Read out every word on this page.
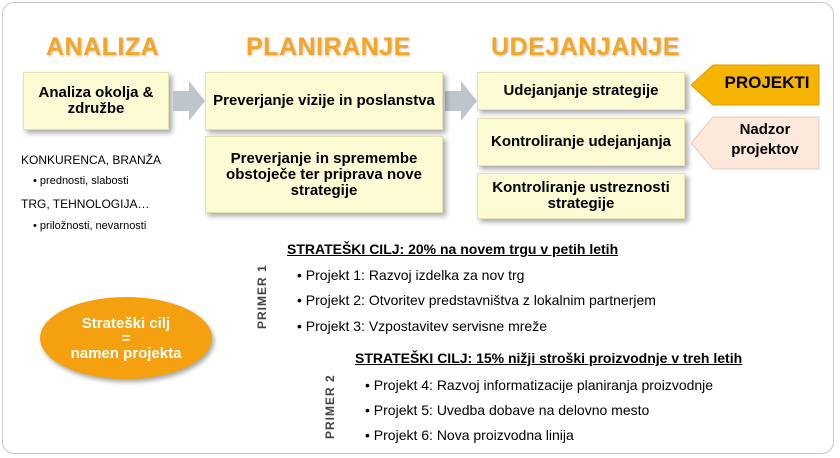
ANALIZA	PLANIRANJE	UDEJANJANJE
Analiza okolja & združbe	Preverjanje vizije in poslanstva
Preverjanje in spremembe obstoječe ter priprava nove strategije
Udejanjanje strategije
Kontroliranje udejanjanja
Kontroliranje ustreznosti strategije
PROJEKTI
Nadzor projektov
KONKURENCA, BRANŽA
• prednosti, slabosti
TRG, TEHNOLOGIJA…
• priložnosti, nevarnosti
Strateški cilj
=
namen projekta
PRIMER 1
STRATEŠKI CILJ: 20% na novem trgu v petih letih
• Projekt 1: Razvoj izdelka za nov trg
• Projekt 2: Otvoritev predstavništva z lokalnim partnerjem
• Projekt 3: Vzpostavitev servisne mreže
PRIMER 2
STRATEŠKI CILJ: 15% nižji stroški proizvodnje v treh letih
• Projekt 4: Razvoj informatizacije planiranja proizvodnje
• Projekt 5: Uvedba dobave na delovno mesto
• Projekt 6: Nova proizvodna linija
